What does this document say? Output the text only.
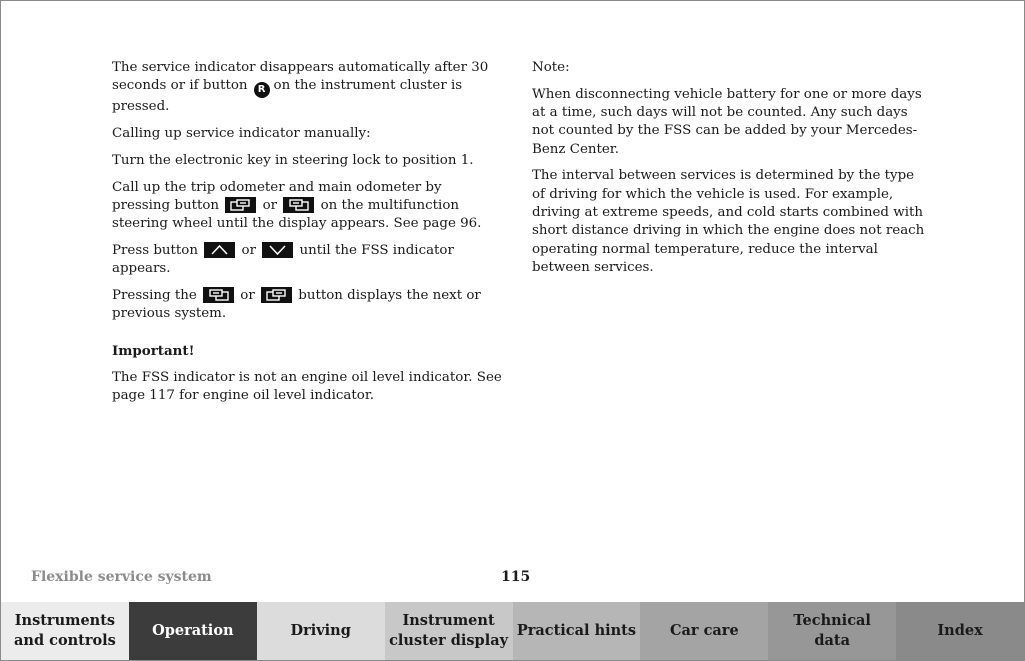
The service indicator disappears automatically after 30 seconds or if button R on the instrument cluster is pressed.

Calling up service indicator manually:

Turn the electronic key in steering lock to position 1.

Call up the trip odometer and main odometer by pressing button	or	on the multifunction steering wheel until the display appears. See page 96.

Press button	or	until the FSS indicator appears.

Pressing the	or	button displays the next or previous system.

Important!

The FSS indicator is not an engine oil level indicator. See page 117 for engine oil level indicator.

Note:

When disconnecting vehicle battery for one or more days at a time, such days will not be counted. Any such days not counted by the FSS can be added by your Mercedes-Benz Center.

The interval between services is determined by the type of driving for which the vehicle is used. For example, driving at extreme speeds, and cold starts combined with short distance driving in which the engine does not reach operating normal temperature, reduce the interval between services.

Flexible service system	115
Instruments
and controls
Operation	Driving
Instrument
cluster display
Practical hints	Car care
Technical
data
Index
